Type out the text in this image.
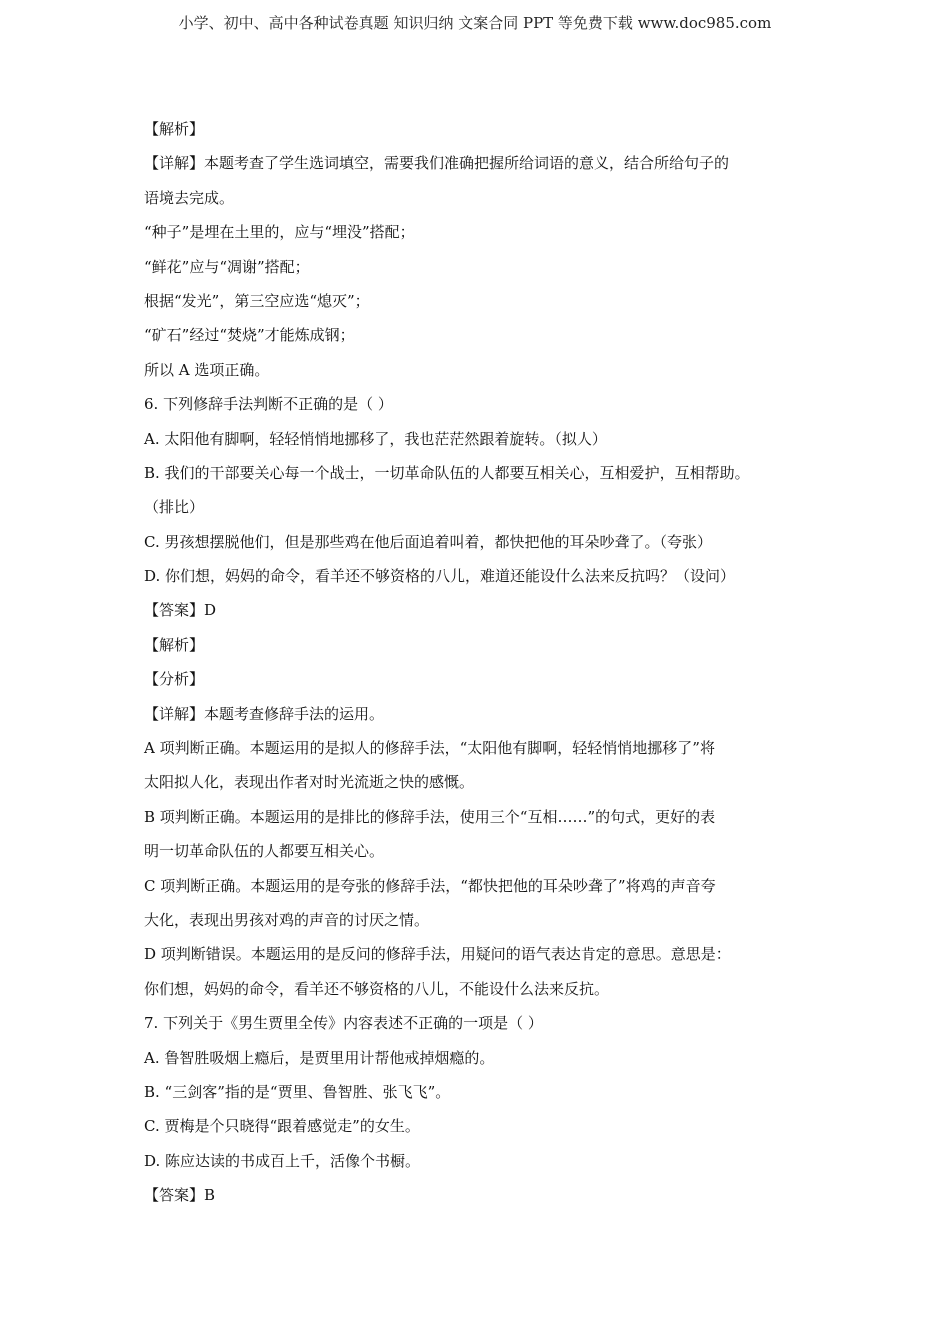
小学、初中、高中各种试卷真题 知识归纳 文案合同 PPT 等免费下载 www.doc985.com
【解析】
【详解】本题考查了学生选词填空，需要我们准确把握所给词语的意义，结合所给句子的
语境去完成。
“种子”是埋在土里的，应与“埋没”搭配；
“鲜花”应与“凋谢”搭配；
根据“发光”，第三空应选“熄灭”；
“矿石”经过“焚烧”才能炼成钢；
所以 A 选项正确。
6. 下列修辞手法判断不正确的是（ ）
A. 太阳他有脚啊，轻轻悄悄地挪移了，我也茫茫然跟着旋转。（拟人）
B. 我们的干部要关心每一个战士，一切革命队伍的人都要互相关心，互相爱护，互相帮助。
（排比）
C. 男孩想摆脱他们，但是那些鸡在他后面追着叫着，都快把他的耳朵吵聋了。（夸张）
D. 你们想，妈妈的命令，看羊还不够资格的八儿，难道还能设什么法来反抗吗？（设问）
【答案】D
【解析】
【分析】
【详解】本题考查修辞手法的运用。
A 项判断正确。本题运用的是拟人的修辞手法，“太阳他有脚啊，轻轻悄悄地挪移了”将
太阳拟人化，表现出作者对时光流逝之快的感慨。
B 项判断正确。本题运用的是排比的修辞手法，使用三个“互相……”的句式，更好的表
明一切革命队伍的人都要互相关心。
C 项判断正确。本题运用的是夸张的修辞手法，“都快把他的耳朵吵聋了”将鸡的声音夸
大化，表现出男孩对鸡的声音的讨厌之情。
D 项判断错误。本题运用的是反问的修辞手法，用疑问的语气表达肯定的意思。意思是：
你们想，妈妈的命令，看羊还不够资格的八儿，不能设什么法来反抗。
7. 下列关于《男生贾里全传》内容表述不正确的一项是（ ）
A. 鲁智胜吸烟上瘾后，是贾里用计帮他戒掉烟瘾的。
B. “三剑客”指的是“贾里、鲁智胜、张飞飞”。
C. 贾梅是个只晓得“跟着感觉走”的女生。
D. 陈应达读的书成百上千，活像个书橱。
【答案】B
